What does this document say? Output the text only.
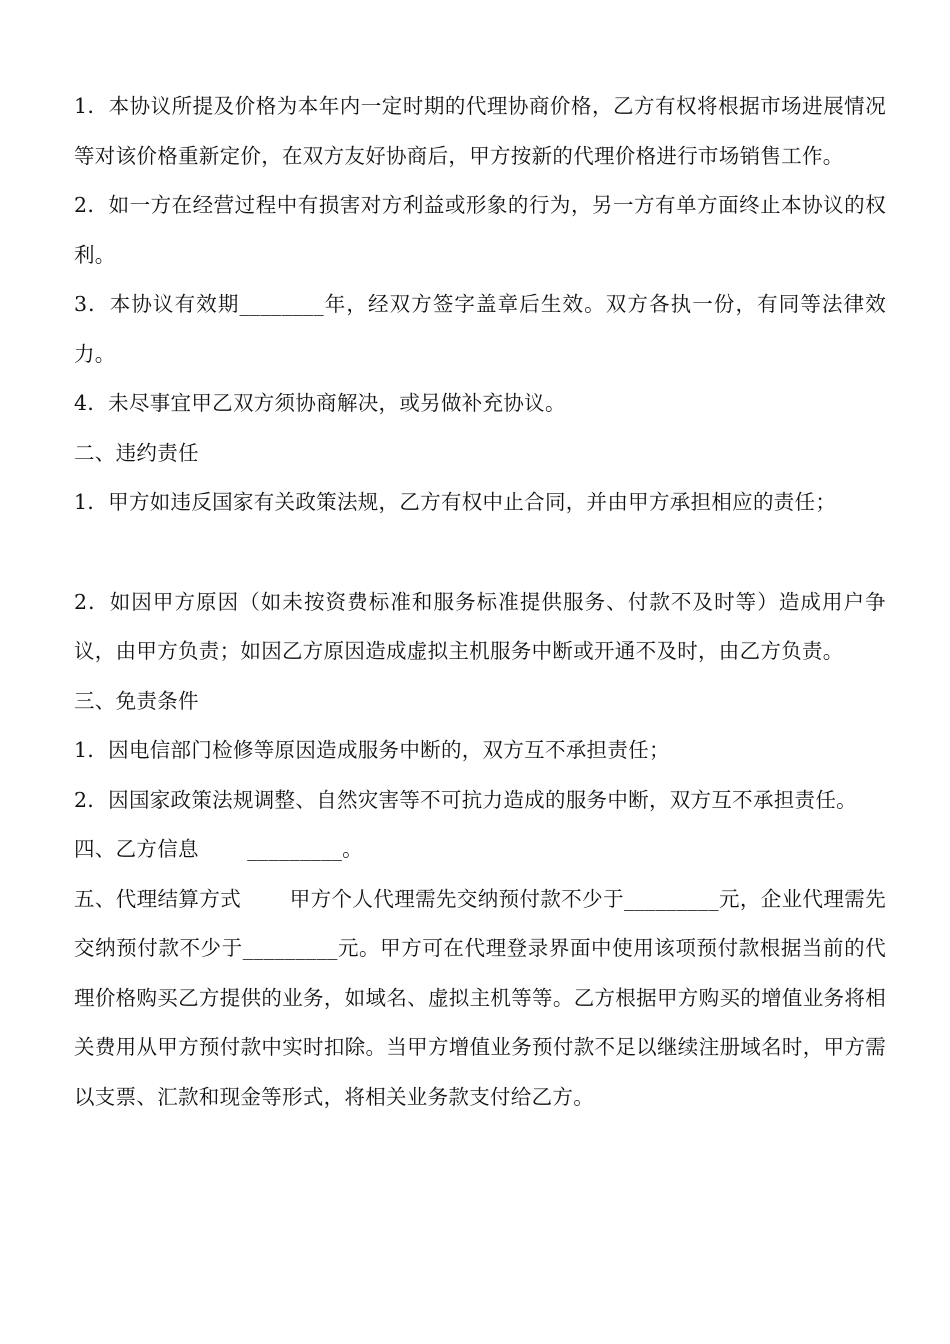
1．本协议所提及价格为本年内一定时期的代理协商价格，乙方有权将根据市场进展情况等对该价格重新定价，在双方友好协商后，甲方按新的代理价格进行市场销售工作。

2．如一方在经营过程中有损害对方利益或形象的行为，另一方有单方面终止本协议的权利。

3．本协议有效期________年，经双方签字盖章后生效。双方各执一份，有同等法律效力。

4．未尽事宜甲乙双方须协商解决，或另做补充协议。

二、违约责任

1．甲方如违反国家有关政策法规，乙方有权中止合同，并由甲方承担相应的责任；

2．如因甲方原因（如未按资费标准和服务标准提供服务、付款不及时等）造成用户争议，由甲方负责；如因乙方原因造成虚拟主机服务中断或开通不及时，由乙方负责。

三、免责条件

1．因电信部门检修等原因造成服务中断的，双方互不承担责任；

2．因国家政策法规调整、自然灾害等不可抗力造成的服务中断，双方互不承担责任。

四、乙方信息　　 _________。

五、代理结算方式　　 甲方个人代理需先交纳预付款不少于_________元，企业代理需先交纳预付款不少于_________元。甲方可在代理登录界面中使用该项预付款根据当前的代理价格购买乙方提供的业务，如域名、虚拟主机等等。乙方根据甲方购买的增值业务将相关费用从甲方预付款中实时扣除。当甲方增值业务预付款不足以继续注册域名时，甲方需以支票、汇款和现金等形式，将相关业务款支付给乙方。
